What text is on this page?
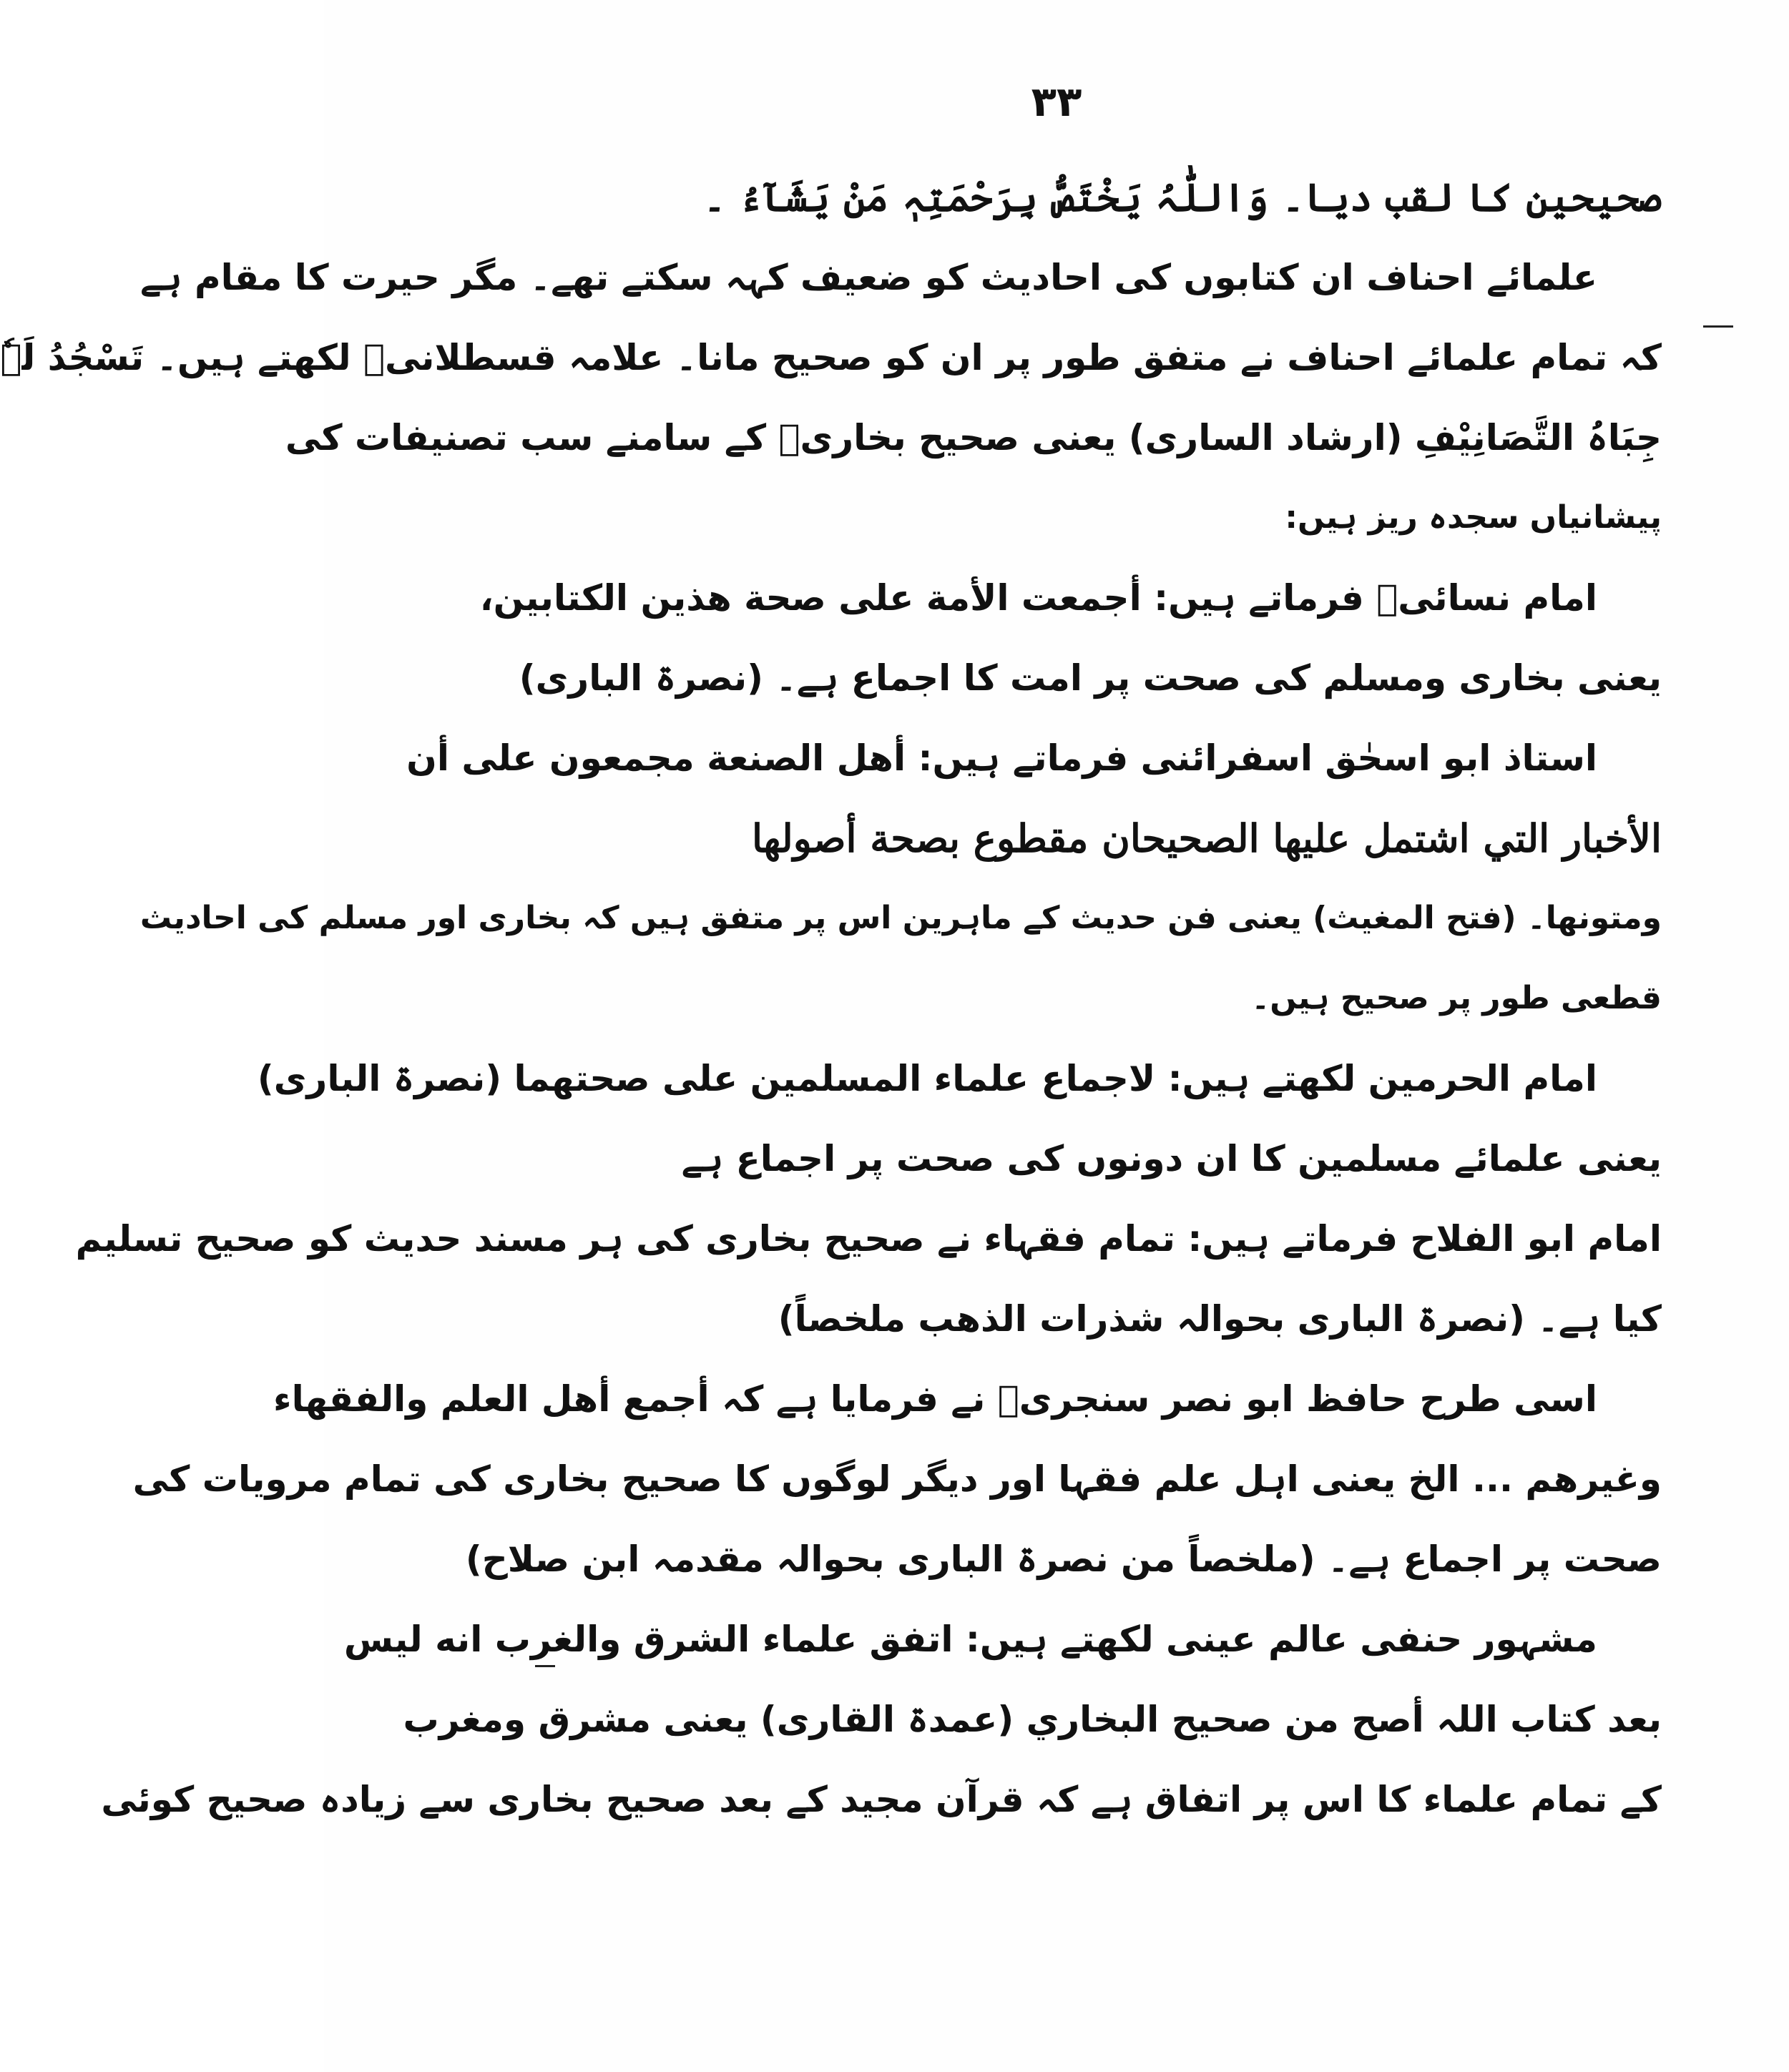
۳۳
صحیحین کا لقب دیا۔ وَاللّٰہُ یَخْتَصُّ بِرَحْمَتِہٖ مَنْ یَشَآءُ ۔
علمائے احناف ان کتابوں کی احادیث کو ضعیف کہہ سکتے تھے۔ مگر حیرت کا مقام ہے
کہ تمام علمائے احناف نے متفق طور پر ان کو صحیح مانا۔ علامہ قسطلانیؒ لکھتے ہیں۔ تَسْجُدُ لَہٗ
جِبَاہُ التَّصَانِیْفِ (ارشاد الساری) یعنی صحیح بخاریؒ کے سامنے سب تصنیفات کی
پیشانیاں سجدہ ریز ہیں:
امام نسائیؒ فرماتے ہیں: أجمعت الأمة علی صحة هذين الكتابين،
یعنی بخاری ومسلم کی صحت پر امت کا اجماع ہے۔ (نصرۃ الباری)
استاذ ابو اسحٰق اسفرائنی فرماتے ہیں: أهل الصنعة مجمعون على أن
الأخبار التي اشتمل عليها الصحيحان مقطوع بصحة أصولها
ومتونها۔ (فتح المغیث) یعنی فن حدیث کے ماہرین اس پر متفق ہیں کہ بخاری اور مسلم کی احادیث
قطعی طور پر صحیح ہیں۔
امام الحرمین لکھتے ہیں: لاجماع علماء المسلمين على صحتهما (نصرۃ الباری)
یعنی علمائے مسلمین کا ان دونوں کی صحت پر اجماع ہے
امام ابو الفلاح فرماتے ہیں: تمام فقہاء نے صحیح بخاری کی ہر مسند حدیث کو صحیح تسلیم
کیا ہے۔ (نصرۃ الباری بحوالہ شذرات الذهب ملخصاً)
اسی طرح حافظ ابو نصر سنجریؒ نے فرمایا ہے کہ أجمع أهل العلم والفقهاء
وغيرهم ... الخ یعنی اہل علم فقہا اور دیگر لوگوں کا صحیح بخاری کی تمام مرویات کی
صحت پر اجماع ہے۔ (ملخصاً من نصرۃ الباری بحوالہ مقدمہ ابن صلاح)
مشہور حنفی عالم عینی لکھتے ہیں: اتفق علماء الشرق والغرب انه ليس
بعد کتاب اللہ أصح من صحيح البخاري (عمدۃ القاری) یعنی مشرق ومغرب
کے تمام علماء کا اس پر اتفاق ہے کہ قرآن مجید کے بعد صحیح بخاری سے زیادہ صحیح کوئی
